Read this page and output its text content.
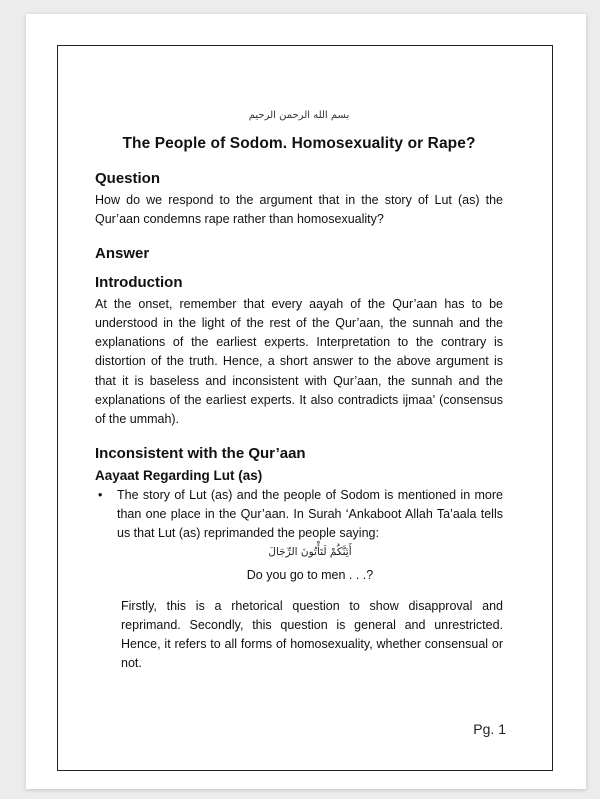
بسم الله الرحمن الرحيم
The People of Sodom. Homosexuality or Rape?
Question

How do we respond to the argument that in the story of Lut (as) the Qur’aan condemns rape rather than homosexuality?

Answer
Introduction

At the onset, remember that every aayah of the Qur’aan has to be understood in the light of the rest of the Qur’aan, the sunnah and the explanations of the earliest experts. Interpretation to the contrary is distortion of the truth. Hence, a short answer to the above argument is that it is baseless and inconsistent with Qur’aan, the sunnah and the explanations of the earliest experts. It also contradicts ijmaa’ (consensus of the ummah).

Inconsistent with the Qur’aan
Aayaat Regarding Lut (as)
• The story of Lut (as) and the people of Sodom is mentioned in more than one place in the Qur’aan. In Surah ‘Ankaboot Allah Ta’aala tells us that Lut (as) reprimanded the people saying:

أَئِنَّكُمْ لَتَأْتُونَ الرِّجَالَ
Do you go to men . . .?

Firstly, this is a rhetorical question to show disapproval and reprimand. Secondly, this question is general and unrestricted. Hence, it refers to all forms of homosexuality, whether consensual or not.

Pg. 1
